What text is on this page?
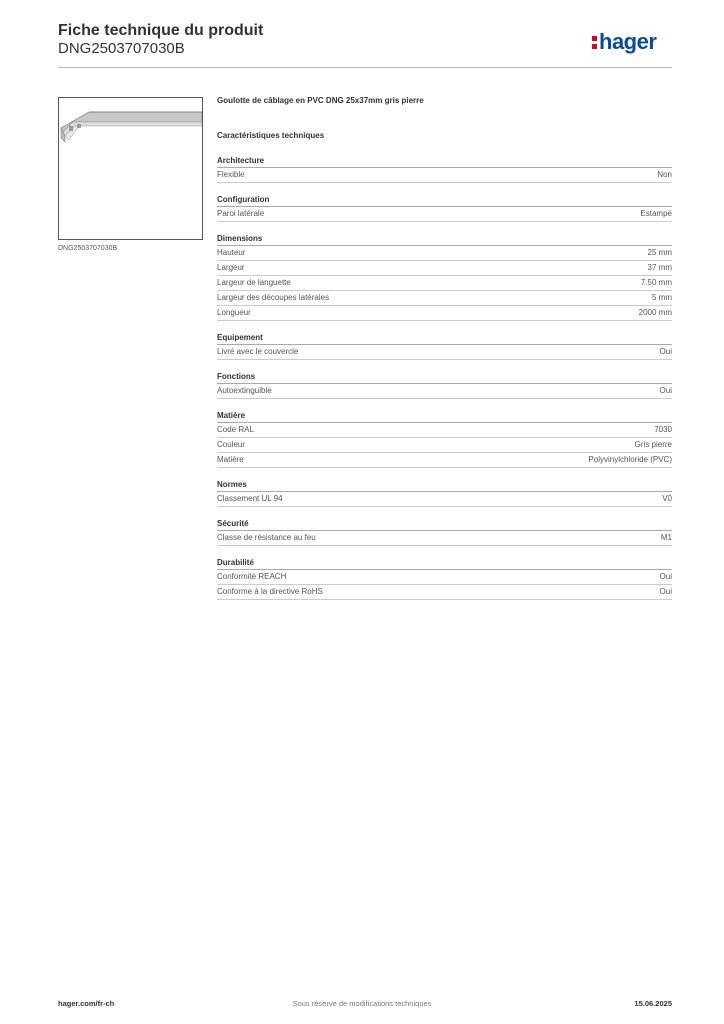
Fiche technique du produit
DNG2503707030B	hager
DNG2503707030B
Goulotte de câblage en PVC DNG 25x37mm gris pierre
Caractéristiques techniques
Architecture
Flexible	Non
Configuration
Paroi latérale	Estampé
Dimensions
Hauteur	25 mm
Largeur	37 mm
Largeur de languette	7.50 mm
Largeur des découpes latérales	5 mm
Longueur	2000 mm
Equipement
Livré avec le couvercle	Oui
Fonctions
Autoextinguible	Oui
Matière
Code RAL	7030
Couleur	Gris pierre
Matière	Polyvinylchloride (PVC)
Normes
Classement UL 94	V0
Sécurité
Classe de résistance au feu	M1
Durabilité
Conformité REACH	Oui
Conforme à la directive RoHS	Oui
hager.com/fr-ch	Sous réserve de modifications techniques	15.06.2025
